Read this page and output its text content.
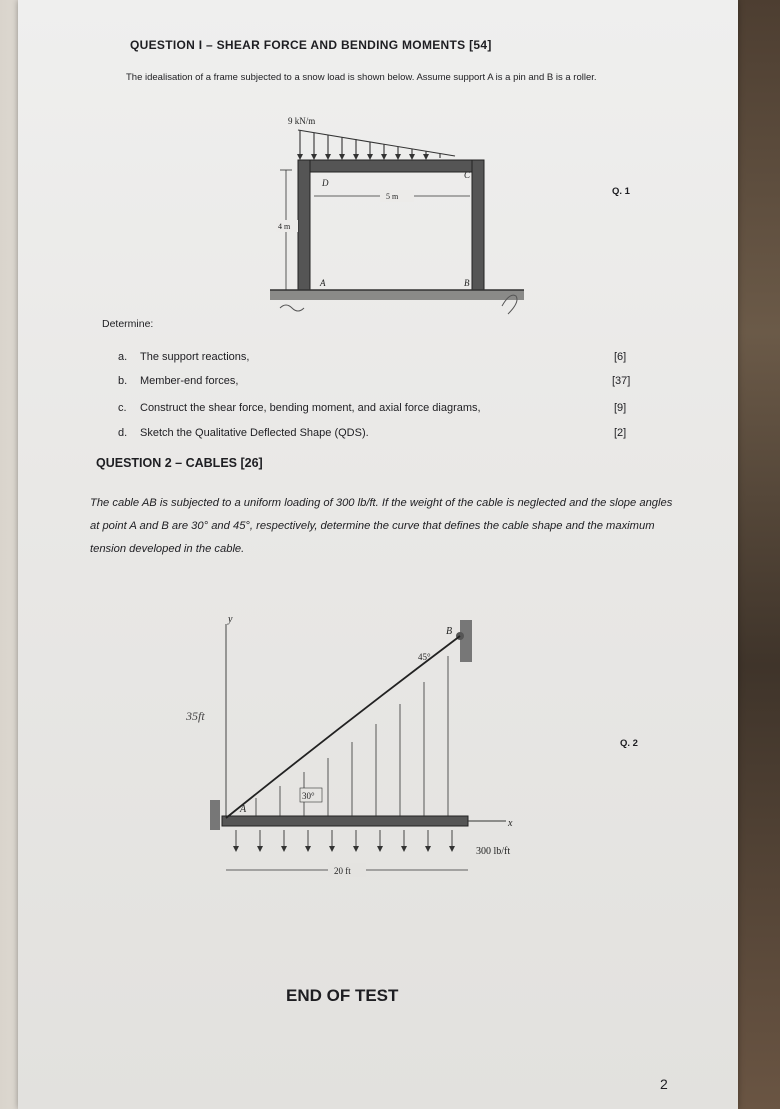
QUESTION I – SHEAR FORCE AND BENDING MOMENTS [54]
The idealisation of a frame subjected to a snow load is shown below. Assume support A is a pin and B is a roller.
9 kN/m
D
C
A	B
5 m
4 m
Q. 1
Determine:
a. The support reactions,
b. Member-end forces,
c. Construct the shear force, bending moment, and axial force diagrams,
d. Sketch the Qualitative Deflected Shape (QDS).
[6]
[37]
[9]
[2]
QUESTION 2 – CABLES [26]
The cable AB is subjected to a uniform loading of 300 lb/ft. If the weight of the cable is neglected and the slope angles at point A and B are 30° and 45°, respectively, determine the curve that defines the cable shape and the maximum tension developed in the cable.
y
35ft
B
x
A
30°
45°
300 lb/ft
20 ft
Q. 2
END OF TEST
2
